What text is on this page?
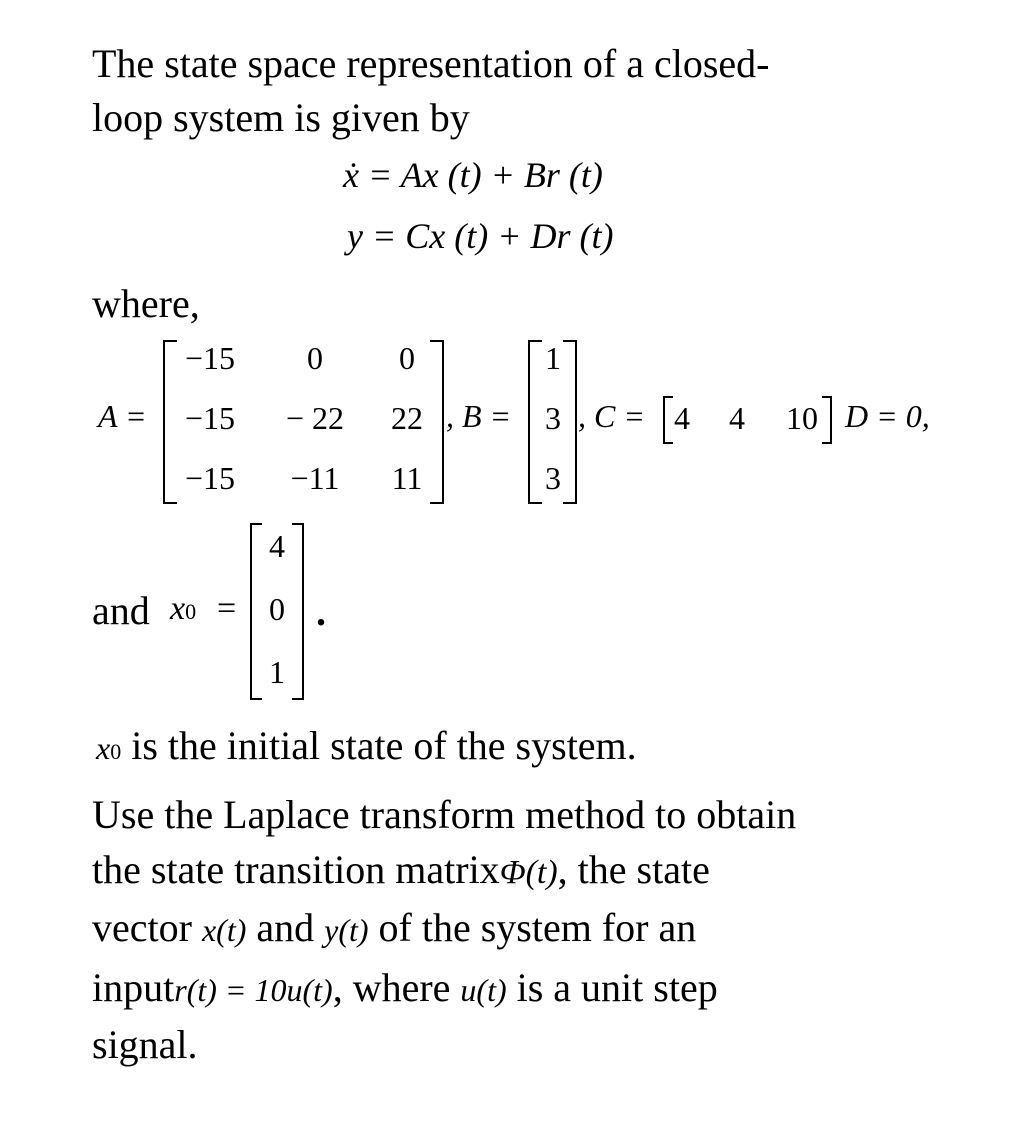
The state space representation of a closed-
loop system is given by
ẋ = Ax (t) + Br (t)
y = Cx (t) + Dr (t)
where,
A =
−15	0	0
−15	− 22	22
−15	−11	11
, B =
1
3
3
, C = 4 4 10 D = 0,
and x0 =
4
0
1
.
x0 is the initial state of the system.
Use the Laplace transform method to obtain
the state transition matrixΦ(t), the state
vector x(t) and y(t) of the system for an
inputr(t) = 10u(t), where u(t) is a unit step
signal.
